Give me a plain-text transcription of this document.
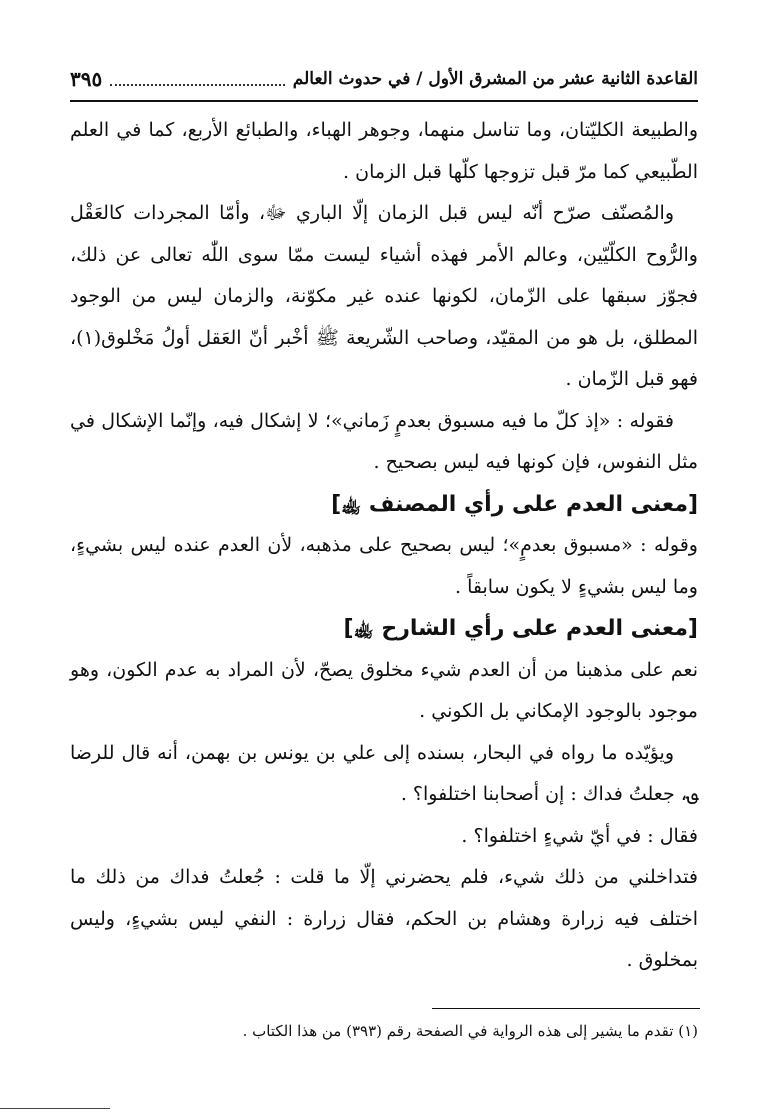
القاعدة الثانية عشر من المشرق الأول / في حدوث العالم
٣٩٥

والطبيعة الكليّتان، وما تناسل منهما، وجوهر الهباء، والطبائع الأربع، كما في العلم الطّبيعي كما مرّ قبل تزوجها كلّها قبل الزمان .

والمُصنّف صرّح أنّه ليس قبل الزمان إلّا الباري ﷻ، وأمّا المجردات كالعَقْل والرُّوح الكلّيّين، وعالم الأمر فهذه أشياء ليست ممّا سوى اللّٰه تعالى عن ذلك، فجوّز سبقها على الزّمان، لكونها عنده غير مكوّنة، والزمان ليس من الوجود المطلق، بل هو من المقيّد، وصاحب الشّريعة ﷺ أخْبر أنّ العَقل أولُ مَخْلوق(١)، فهو قبل الزّمان .

فقوله : «إذ كلّ ما فيه مسبوق بعدمٍ زَماني»؛ لا إشكال فيه، وإنّما الإشكال في مثل النفوس، فإن كونها فيه ليس بصحيح .

[معنى العدم على رأي المصنف ﵀]

وقوله : «مسبوق بعدمٍ»؛ ليس بصحيح على مذهبه، لأن العدم عنده ليس بشيءٍ، وما ليس بشيءٍ لا يكون سابقاً .

[معنى العدم على رأي الشارح ﵀]

نعم على مذهبنا من أن العدم شيء مخلوق يصحّ، لأن المراد به عدم الكون، وهو موجود بالوجود الإمكاني بل الكوني .

ويؤيّده ما رواه في البحار، بسنده إلى علي بن يونس بن بهمن، أنه قال للرضا ؈، جعلتُ فداك : إن أصحابنا اختلفوا؟ .

فقال : في أيّ شيءٍ اختلفوا؟ .

فتداخلني من ذلك شيء، فلم يحضرني إلّا ما قلت : جُعلتُ فداك من ذلك ما اختلف فيه زرارة وهشام بن الحكم، فقال زرارة : النفي ليس بشيءٍ، وليس بمخلوق .

(١) تقدم ما يشير إلى هذه الرواية في الصفحة رقم (٣٩٣) من هذا الكتاب .
